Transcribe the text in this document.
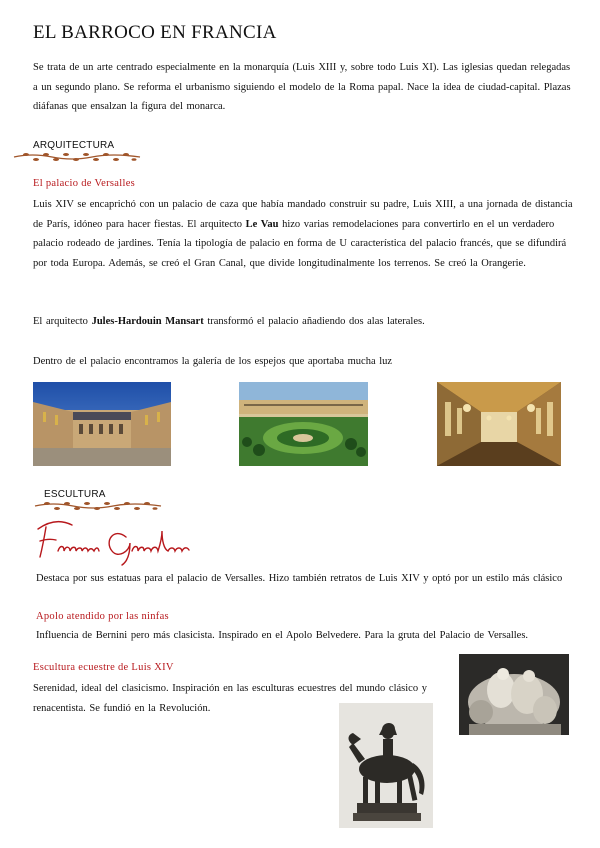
EL BARROCO EN FRANCIA
Se trata de un arte centrado especialmente en la monarquía (Luis XIII y, sobre todo Luis XI). Las iglesias quedan relegadas a un segundo plano. Se reforma el urbanismo siguiendo el modelo de la Roma papal. Nace la idea de ciudad-capital. Plazas diáfanas que ensalzan la figura del monarca.
ARQUITECTURA
El palacio de Versalles
Luis XIV se encaprichó con un palacio de caza que había mandado construir su padre, Luis XIII, a una jornada de distancia de París, idóneo para hacer fiestas. El arquitecto Le Vau hizo varias remodelaciones para convertirlo en el un verdadero palacio rodeado de jardines. Tenía la tipología de palacio en forma de U característica del palacio francés, que se difundirá por toda Europa. Además, se creó el Gran Canal, que divide longitudinalmente los terrenos. Se creó la Orangerie.
El arquitecto Jules-Hardouin Mansart transformó el palacio añadiendo dos alas laterales.
Dentro de el palacio encontramos la galería de los espejos que aportaba mucha luz
ESCULTURA
Destaca por sus estatuas para el palacio de Versalles. Hizo también retratos de Luis XIV y optó por un estilo más clásico
Apolo atendido por las ninfas
Influencia de Bernini pero más clasicista. Inspirado en el Apolo Belvedere. Para la gruta del Palacio de Versalles.
Escultura ecuestre de Luis XIV
Serenidad, ideal del clasicismo. Inspiración en las esculturas ecuestres del mundo clásico y renacentista. Se fundió en la Revolución.
